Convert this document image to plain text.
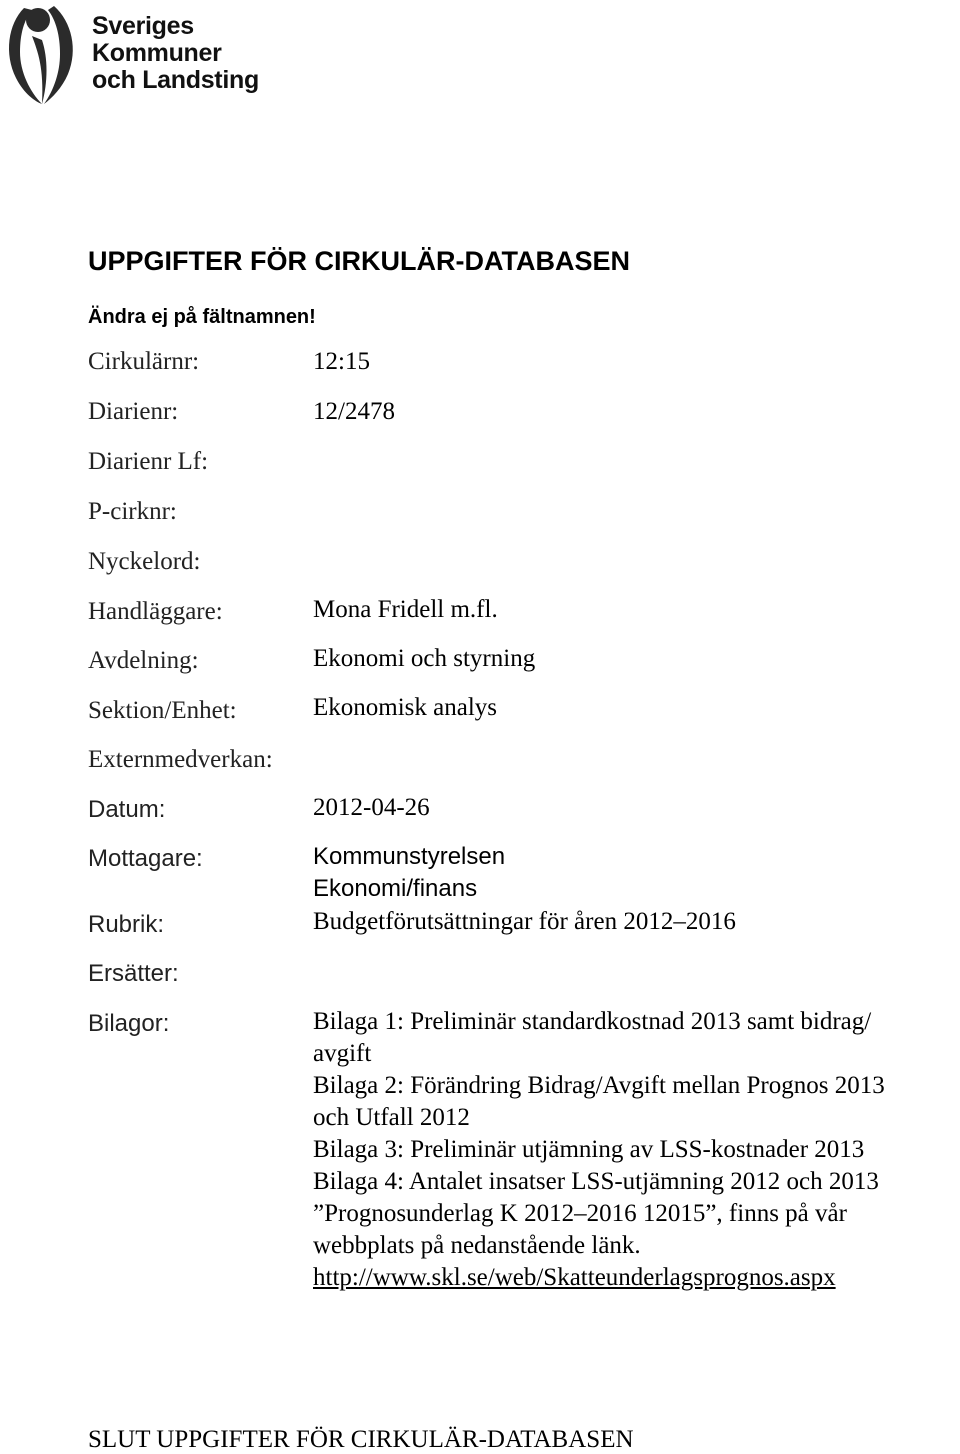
Sveriges
Kommuner
och Landsting
UPPGIFTER FÖR CIRKULÄR-DATABASEN
Ändra ej på fältnamnen!
Cirkulärnr:	12:15
Diarienr:	12/2478
Diarienr Lf:
P-cirknr:
Nyckelord:
Handläggare:	Mona Fridell m.fl.
Avdelning:	Ekonomi och styrning
Sektion/Enhet:	Ekonomisk analys
Externmedverkan:
Datum:	2012-04-26
Mottagare:	Kommunstyrelsen
Ekonomi/finans
Rubrik:	Budgetförutsättningar för åren 2012–2016
Ersätter:
Bilagor:	Bilaga 1: Preliminär standardkostnad 2013 samt bidrag/
avgift
Bilaga 2: Förändring Bidrag/Avgift mellan Prognos 2013
och Utfall 2012
Bilaga 3: Preliminär utjämning av LSS-kostnader 2013
Bilaga 4: Antalet insatser LSS-utjämning 2012 och 2013
”Prognosunderlag K 2012–2016 12015”, finns på vår
webbplats på nedanstående länk.
http://www.skl.se/web/Skatteunderlagsprognos.aspx
SLUT UPPGIFTER FÖR CIRKULÄR-DATABASEN
